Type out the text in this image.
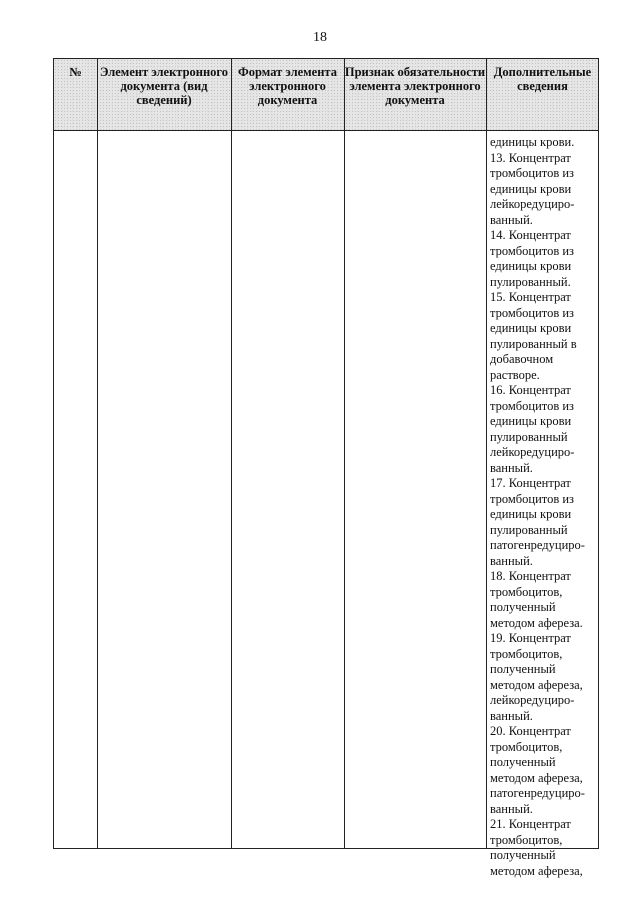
18
№	Элемент электронного документа (вид сведений)
Формат элемента электронного документа
Признак обязательности элемента электронного документа
Дополнительные сведения
единицы крови.
13. Концентрат
тромбоцитов из
единицы крови
лейкоредуциро-
ванный.
14. Концентрат
тромбоцитов из
единицы крови
пулированный.
15. Концентрат
тромбоцитов из
единицы крови
пулированный в
добавочном
растворе.
16. Концентрат
тромбоцитов из
единицы крови
пулированный
лейкоредуциро-
ванный.
17. Концентрат
тромбоцитов из
единицы крови
пулированный
патогенредуциро-
ванный.
18. Концентрат
тромбоцитов,
полученный
методом афереза.
19. Концентрат
тромбоцитов,
полученный
методом афереза,
лейкоредуциро-
ванный.
20. Концентрат
тромбоцитов,
полученный
методом афереза,
патогенредуциро-
ванный.
21. Концентрат
тромбоцитов,
полученный
методом афереза,
